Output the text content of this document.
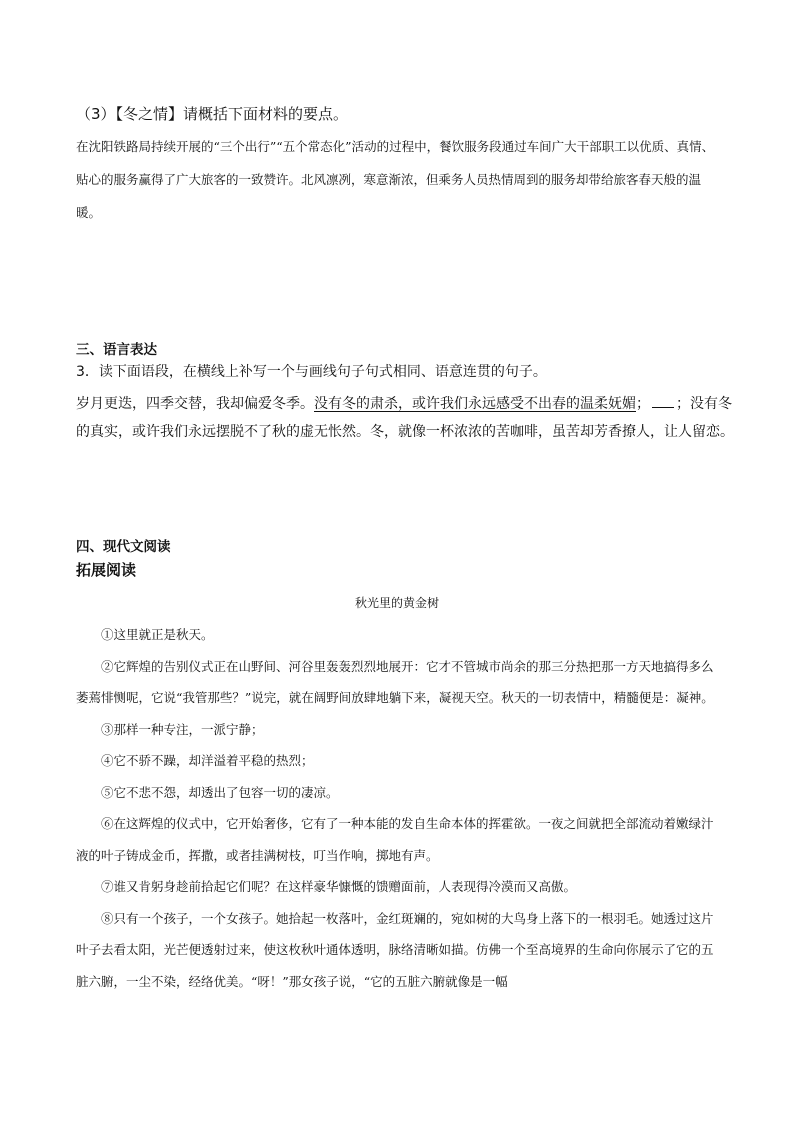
（3）【冬之情】请概括下面材料的要点。
在沈阳铁路局持续开展的“三个出行”“五个常态化”活动的过程中，餐饮服务段通过车间广大干部职工以优质、真情、贴心的服务赢得了广大旅客的一致赞许。北风凛冽，寒意渐浓，但乘务人员热情周到的服务却带给旅客春天般的温暖。
三、语言表达
3．读下面语段，在横线上补写一个与画线句子句式相同、语意连贯的句子。
岁月更迭，四季交替，我却偏爱冬季。没有冬的肃杀，或许我们永远感受不出春的温柔妩媚； ；没有冬
的真实，或许我们永远摆脱不了秋的虚无怅然。冬，就像一杯浓浓的苦咖啡，虽苦却芳香撩人，让人留恋。
四、现代文阅读
拓展阅读
秋光里的黄金树

①这里就正是秋天。

②它辉煌的告别仪式正在山野间、河谷里轰轰烈烈地展开：它才不管城市尚余的那三分热把那一方天地搞得多么萎蔫悱恻呢，它说“我管那些？”说完，就在阔野间放肆地躺下来，凝视天空。秋天的一切表情中，精髓便是：凝神。

③那样一种专注，一派宁静；

④它不骄不躁，却洋溢着平稳的热烈；

⑤它不悲不怨，却透出了包容一切的凄凉。

⑥在这辉煌的仪式中，它开始奢侈，它有了一种本能的发自生命本体的挥霍欲。一夜之间就把全部流动着嫩绿汁液的叶子铸成金币，挥撒，或者挂满树枝，叮当作响，掷地有声。

⑦谁又肯躬身趁前拾起它们呢？在这样豪华慷慨的馈赠面前，人表现得冷漠而又高傲。

⑧只有一个孩子，一个女孩子。她拾起一枚落叶，金红斑斓的，宛如树的大鸟身上落下的一根羽毛。她透过这片叶子去看太阳，光芒便透射过来，使这枚秋叶通体透明，脉络清晰如描。仿佛一个至高境界的生命向你展示了它的五脏六腑，一尘不染，经络优美。“呀！”那女孩子说，“它的五脏六腑就像是一幅
